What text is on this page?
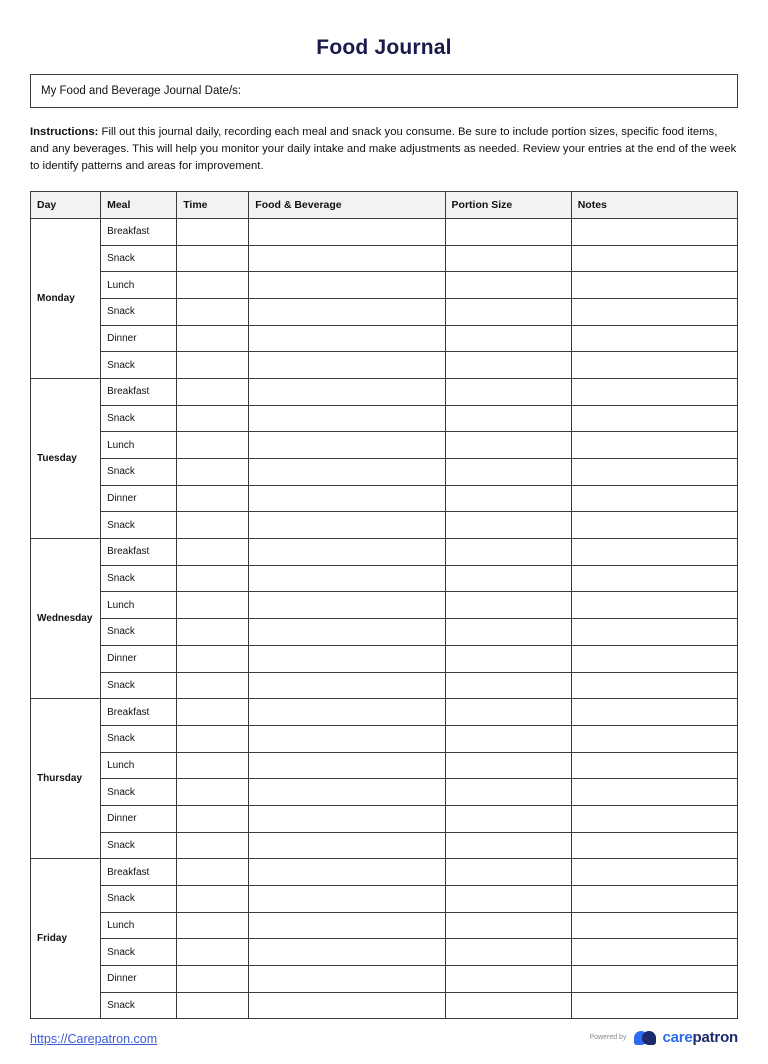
Food Journal
My Food and Beverage Journal Date/s:
Instructions: Fill out this journal daily, recording each meal and snack you consume. Be sure to include portion sizes, specific food items, and any beverages. This will help you monitor your daily intake and make adjustments as needed. Review your entries at the end of the week to identify patterns and areas for improvement.
Day	Meal	Time	Food & Beverage	Portion Size	Notes
Monday	Breakfast				
	Snack				
	Lunch				
	Snack				
	Dinner				
	Snack				
Tuesday	Breakfast				
	Snack				
	Lunch				
	Snack				
	Dinner				
	Snack				
Wednesday	Breakfast				
	Snack				
	Lunch				
	Snack				
	Dinner				
	Snack				
Thursday	Breakfast				
	Snack				
	Lunch				
	Snack				
	Dinner				
	Snack				
Friday	Breakfast				
	Snack				
	Lunch				
	Snack				
	Dinner				
	Snack				
https://Carepatron.com	Powered by carepatron
